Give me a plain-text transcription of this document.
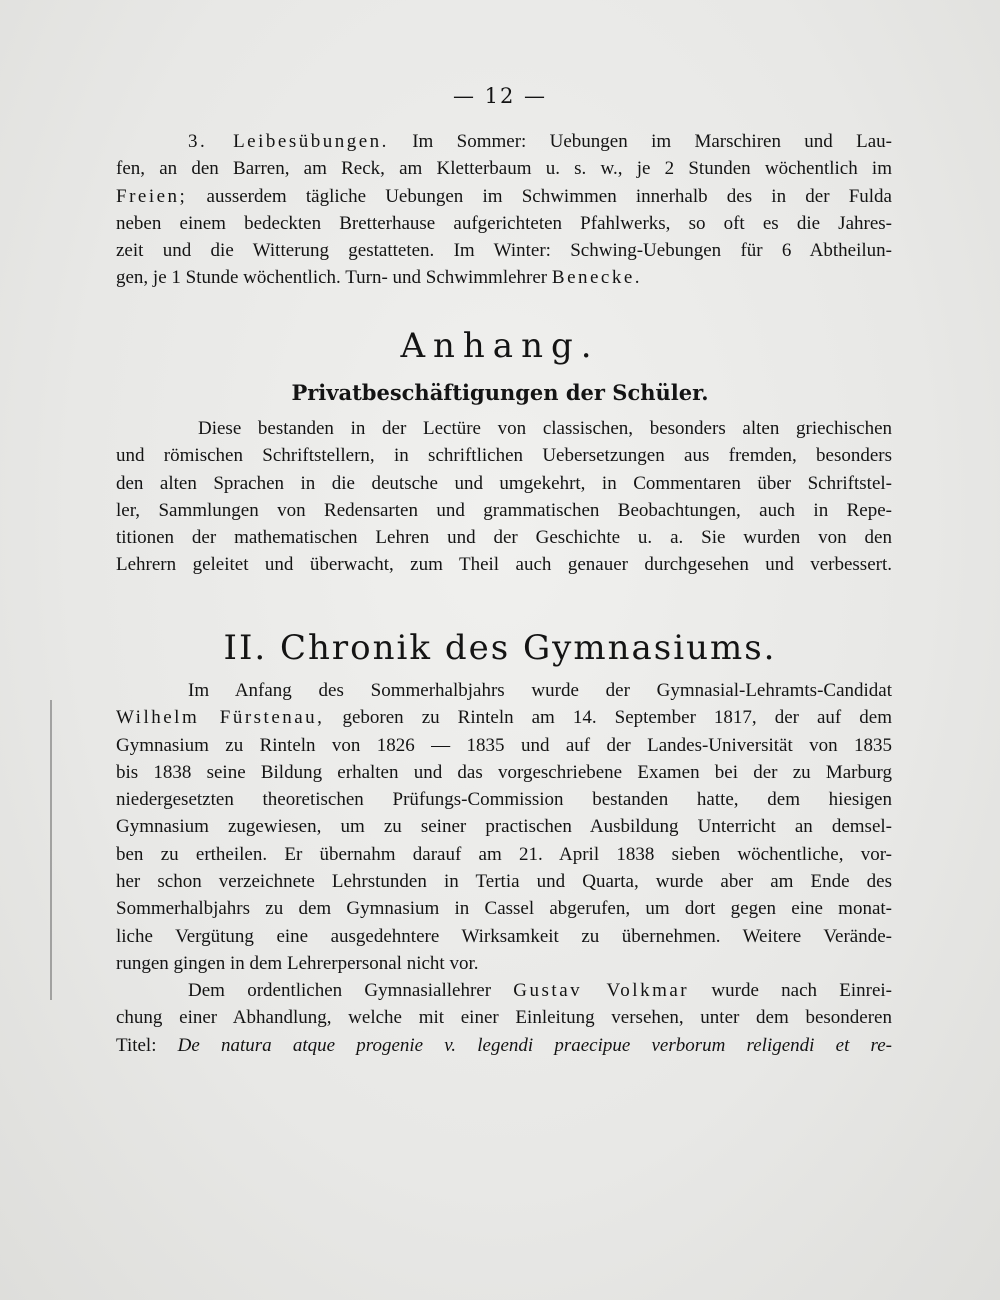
— 12 —
3. Leibesübungen. Im Sommer: Uebungen im Marschiren und Lau-
fen, an den Barren, am Reck, am Kletterbaum u. s. w., je 2 Stunden wöchentlich im
Freien; ausserdem tägliche Uebungen im Schwimmen innerhalb des in der Fulda
neben einem bedeckten Bretterhause aufgerichteten Pfahlwerks, so oft es die Jahres-
zeit und die Witterung gestatteten. Im Winter: Schwing-Uebungen für 6 Abtheilun-
gen, je 1 Stunde wöchentlich. Turn- und Schwimmlehrer Benecke.
Anhang.
Privatbeschäftigungen der Schüler.
Diese bestanden in der Lectüre von classischen, besonders alten griechischen
und römischen Schriftstellern, in schriftlichen Uebersetzungen aus fremden, besonders
den alten Sprachen in die deutsche und umgekehrt, in Commentaren über Schriftstel-
ler, Sammlungen von Redensarten und grammatischen Beobachtungen, auch in Repe-
titionen der mathematischen Lehren und der Geschichte u. a. Sie wurden von den
Lehrern geleitet und überwacht, zum Theil auch genauer durchgesehen und verbessert.
II. Chronik des Gymnasiums.
Im Anfang des Sommerhalbjahrs wurde der Gymnasial-Lehramts-Candidat
Wilhelm Fürstenau, geboren zu Rinteln am 14. September 1817, der auf dem
Gymnasium zu Rinteln von 1826 — 1835 und auf der Landes-Universität von 1835
bis 1838 seine Bildung erhalten und das vorgeschriebene Examen bei der zu Marburg
niedergesetzten theoretischen Prüfungs-Commission bestanden hatte, dem hiesigen
Gymnasium zugewiesen, um zu seiner practischen Ausbildung Unterricht an demsel-
ben zu ertheilen. Er übernahm darauf am 21. April 1838 sieben wöchentliche, vor-
her schon verzeichnete Lehrstunden in Tertia und Quarta, wurde aber am Ende des
Sommerhalbjahrs zu dem Gymnasium in Cassel abgerufen, um dort gegen eine monat-
liche Vergütung eine ausgedehntere Wirksamkeit zu übernehmen. Weitere Verände-
rungen gingen in dem Lehrerpersonal nicht vor.
Dem ordentlichen Gymnasiallehrer Gustav Volkmar wurde nach Einrei-
chung einer Abhandlung, welche mit einer Einleitung versehen, unter dem besonderen
Titel: De natura atque progenie v. legendi praecipue verborum religendi et re-
